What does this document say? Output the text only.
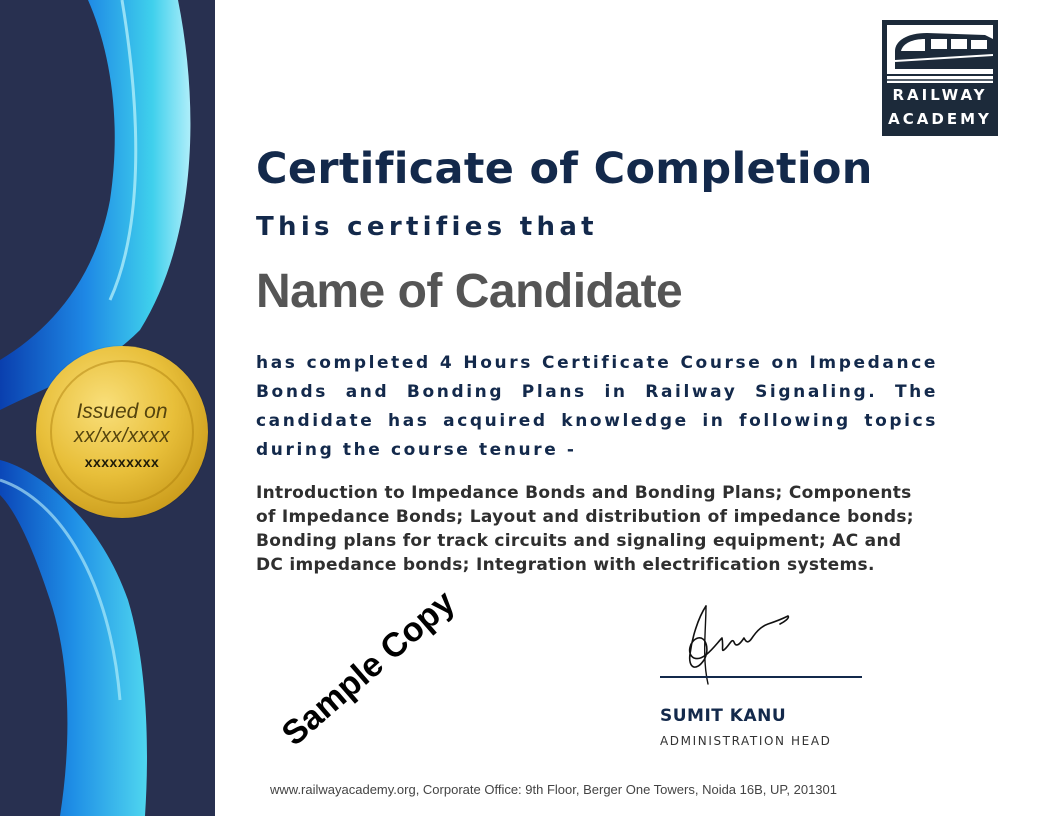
Issued on
xx/xx/xxxx
xxxxxxxxx
RAILWAY
ACADEMY
Certificate of Completion
This certifies that
Name of Candidate

has completed 4 Hours Certificate Course on Impedance Bonds and Bonding Plans in Railway Signaling. The candidate has acquired knowledge in following topics during the course tenure -

Introduction to Impedance Bonds and Bonding Plans; Components of Impedance Bonds; Layout and distribution of impedance bonds; Bonding plans for track circuits and signaling equipment; AC and DC impedance bonds; Integration with electrification systems.

Sample Copy	SUMIT KANU
ADMINISTRATION HEAD
www.railwayacademy.org, Corporate Office: 9th Floor, Berger One Towers, Noida 16B, UP, 201301
